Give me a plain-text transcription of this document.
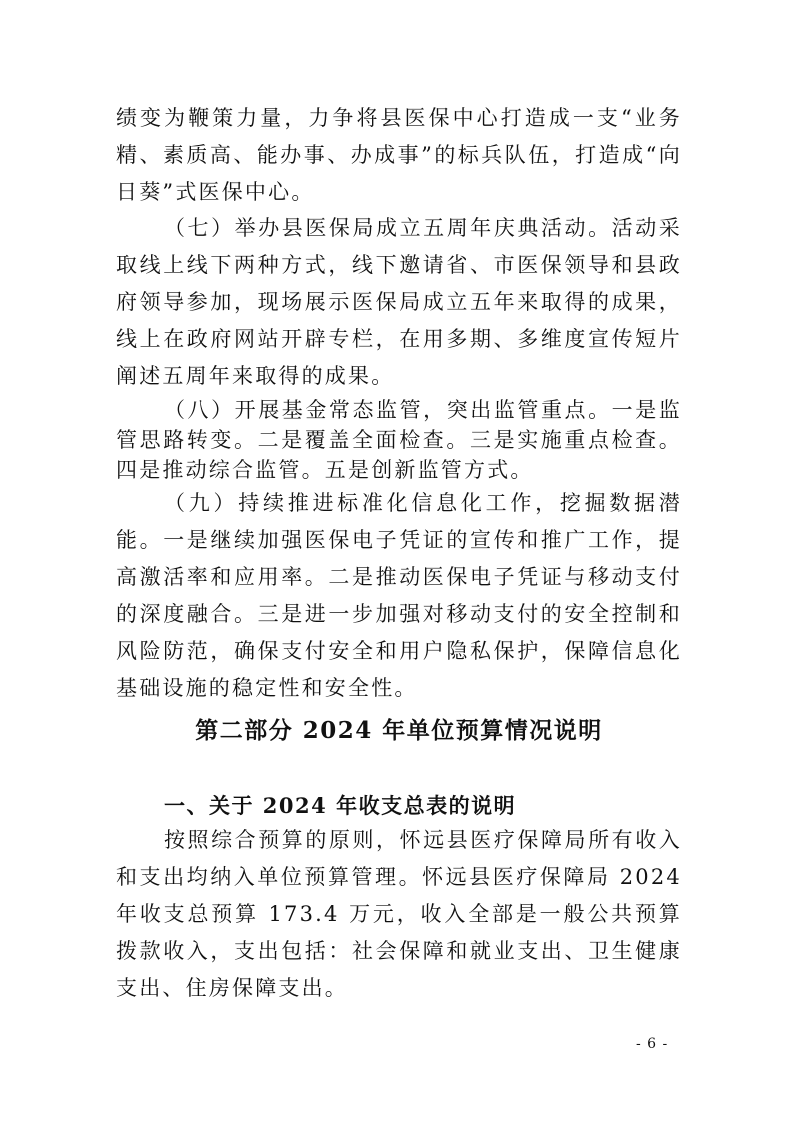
绩变为鞭策力量，力争将县医保中心打造成一支“业务精、素质高、能办事、办成事”的标兵队伍，打造成“向日葵”式医保中心。

（七）举办县医保局成立五周年庆典活动。活动采取线上线下两种方式，线下邀请省、市医保领导和县政府领导参加，现场展示医保局成立五年来取得的成果，线上在政府网站开辟专栏，在用多期、多维度宣传短片阐述五周年来取得的成果。

（八）开展基金常态监管，突出监管重点。一是监管思路转变。二是覆盖全面检查。三是实施重点检查。四是推动综合监管。五是创新监管方式。

（九）持续推进标准化信息化工作，挖掘数据潜能。一是继续加强医保电子凭证的宣传和推广工作，提高激活率和应用率。二是推动医保电子凭证与移动支付的深度融合。三是进一步加强对移动支付的安全控制和风险防范，确保支付安全和用户隐私保护，保障信息化基础设施的稳定性和安全性。

第二部分 2024 年单位预算情况说明
一、关于 2024 年收支总表的说明

按照综合预算的原则，怀远县医疗保障局所有收入和支出均纳入单位预算管理。怀远县医疗保障局 2024 年收支总预算 173.4 万元，收入全部是一般公共预算拨款收入，支出包括：社会保障和就业支出、卫生健康支出、住房保障支出。

- 6 -
